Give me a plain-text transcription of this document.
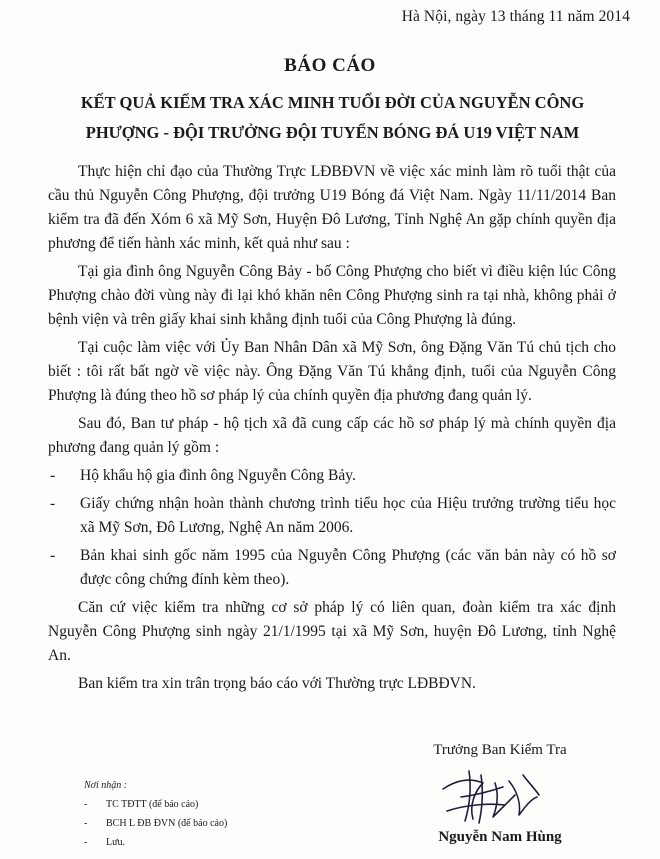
Hà Nội, ngày 13 tháng 11 năm 2014
BÁO CÁO
KẾT QUẢ KIỂM TRA XÁC MINH TUỔI ĐỜI CỦA NGUYỄN CÔNG
PHƯỢNG - ĐỘI TRƯỞNG ĐỘI TUYỂN BÓNG ĐÁ U19 VIỆT NAM

Thực hiện chỉ đạo của Thường Trực LĐBĐVN về việc xác minh làm rõ tuổi thật của cầu thủ Nguyễn Công Phượng, đội trưởng U19 Bóng đá Việt Nam. Ngày 11/11/2014 Ban kiểm tra đã đến Xóm 6 xã Mỹ Sơn, Huyện Đô Lương, Tỉnh Nghệ An gặp chính quyền địa phương để tiến hành xác minh, kết quả như sau :

Tại gia đình ông Nguyễn Công Bảy - bố Công Phượng cho biết vì điều kiện lúc Công Phượng chào đời vùng này đi lại khó khăn nên Công Phượng sinh ra tại nhà, không phải ở bệnh viện và trên giấy khai sinh khẳng định tuổi của Công Phượng là đúng.

Tại cuộc làm việc với Ủy Ban Nhân Dân xã Mỹ Sơn, ông Đặng Văn Tú chủ tịch cho biết : tôi rất bất ngờ về việc này. Ông Đặng Văn Tú khẳng định, tuổi của Nguyễn Công Phượng là đúng theo hồ sơ pháp lý của chính quyền địa phương đang quản lý.

Sau đó, Ban tư pháp - hộ tịch xã đã cung cấp các hồ sơ pháp lý mà chính quyền địa phương đang quản lý gồm :

- Hộ khẩu hộ gia đình ông Nguyễn Công Bảy.
- Giấy chứng nhận hoàn thành chương trình tiểu học của Hiệu trưởng trường tiểu học xã Mỹ Sơn, Đô Lương, Nghệ An năm 2006.
- Bản khai sinh gốc năm 1995 của Nguyễn Công Phượng (các văn bản này có hồ sơ được công chứng đính kèm theo).

Căn cứ việc kiểm tra những cơ sở pháp lý có liên quan, đoàn kiểm tra xác định Nguyễn Công Phượng sinh ngày 21/1/1995 tại xã Mỹ Sơn, huyện Đô Lương, tỉnh Nghệ An.

Ban kiểm tra xin trân trọng báo cáo với Thường trực LĐBĐVN.

Nơi nhận :
- TC TĐTT (để báo cáo)
- BCH L ĐB ĐVN (để báo cáo)
- Lưu.
Trưởng Ban Kiểm Tra
Nguyễn Nam Hùng
